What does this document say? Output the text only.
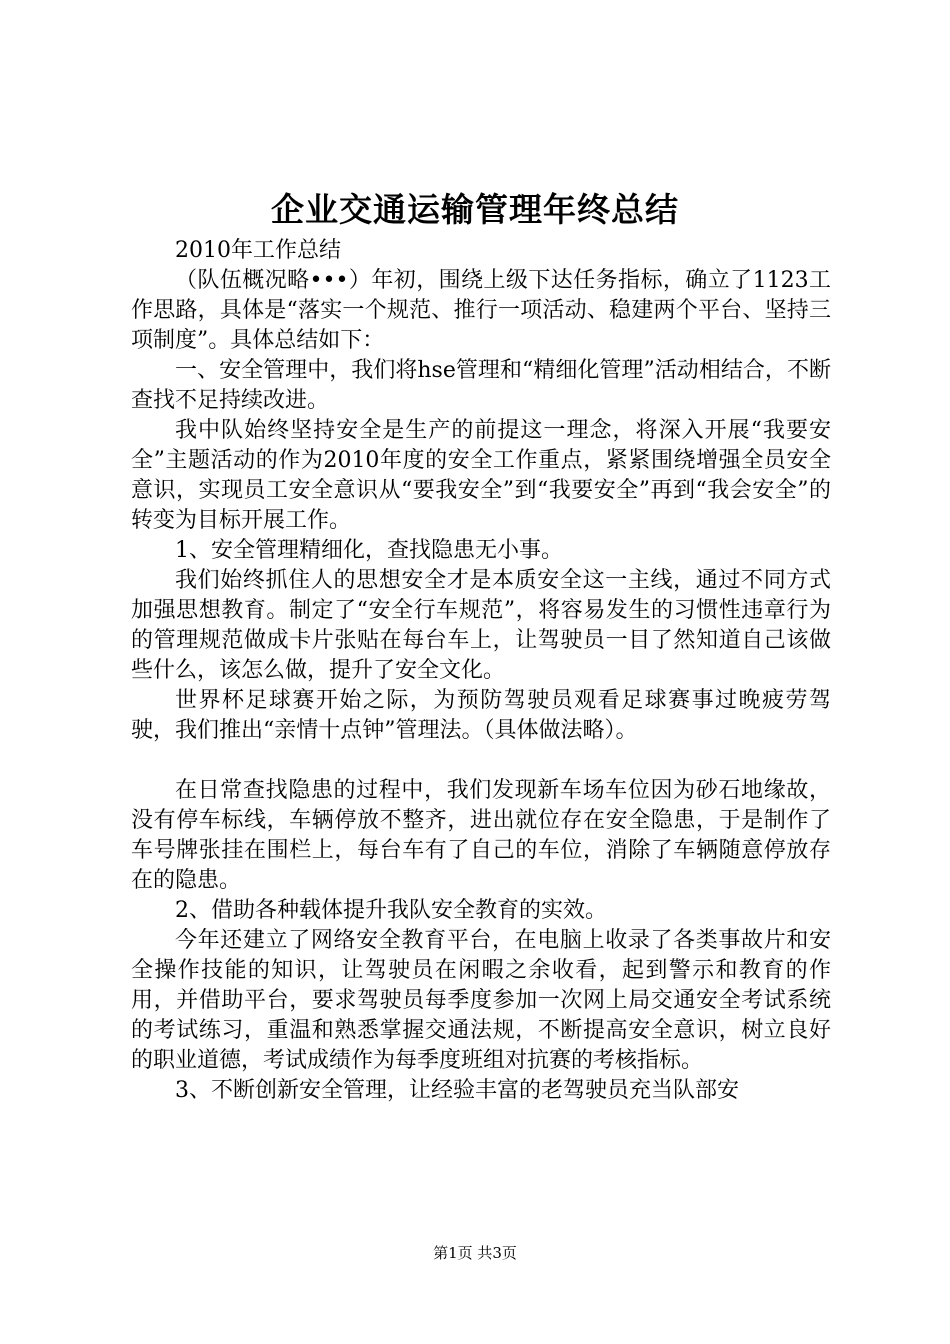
企业交通运输管理年终总结

2010年工作总结

（队伍概况略•••）年初，围绕上级下达任务指标，确立了1123工作思路，具体是“落实一个规范、推行一项活动、稳建两个平台、坚持三项制度”。具体总结如下：

一、安全管理中，我们将hse管理和“精细化管理”活动相结合，不断查找不足持续改进。

我中队始终坚持安全是生产的前提这一理念，将深入开展“我要安全”主题活动的作为2010年度的安全工作重点，紧紧围绕增强全员安全意识，实现员工安全意识从“要我安全”到“我要安全”再到“我会安全”的转变为目标开展工作。

1、安全管理精细化，查找隐患无小事。

我们始终抓住人的思想安全才是本质安全这一主线，通过不同方式加强思想教育。制定了“安全行车规范”，将容易发生的习惯性违章行为的管理规范做成卡片张贴在每台车上，让驾驶员一目了然知道自己该做些什么，该怎么做，提升了安全文化。

世界杯足球赛开始之际，为预防驾驶员观看足球赛事过晚疲劳驾驶，我们推出“亲情十点钟”管理法。（具体做法略）。

在日常查找隐患的过程中，我们发现新车场车位因为砂石地缘故，没有停车标线，车辆停放不整齐，进出就位存在安全隐患，于是制作了车号牌张挂在围栏上，每台车有了自己的车位，消除了车辆随意停放存在的隐患。

2、借助各种载体提升我队安全教育的实效。

今年还建立了网络安全教育平台，在电脑上收录了各类事故片和安全操作技能的知识，让驾驶员在闲暇之余收看，起到警示和教育的作用，并借助平台，要求驾驶员每季度参加一次网上局交通安全考试系统的考试练习，重温和熟悉掌握交通法规，不断提高安全意识，树立良好的职业道德，考试成绩作为每季度班组对抗赛的考核指标。

3、不断创新安全管理，让经验丰富的老驾驶员充当队部安

第1页 共3页
